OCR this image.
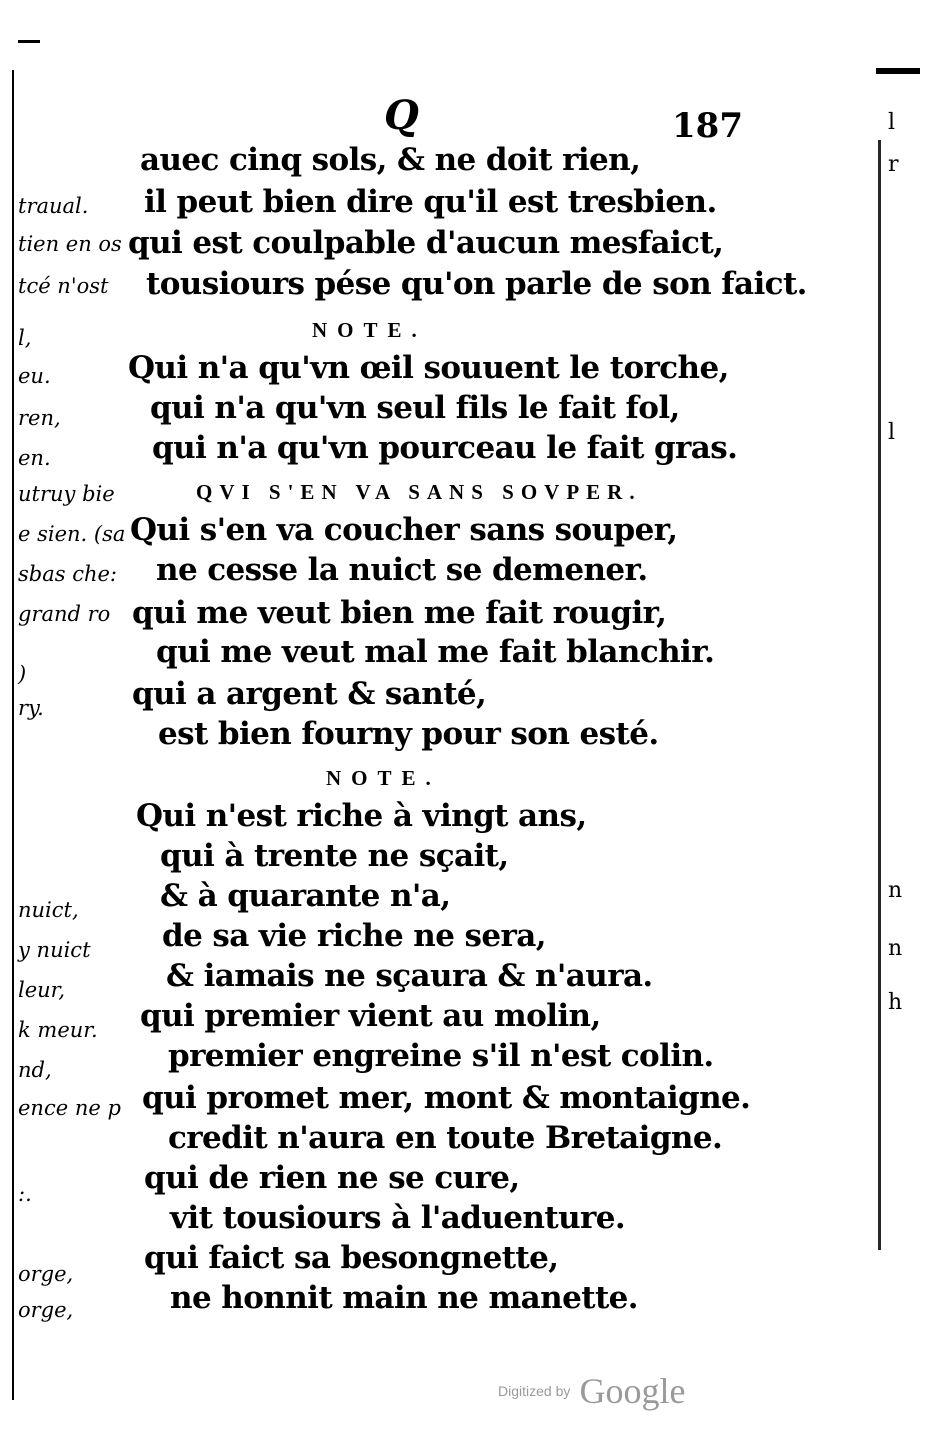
Q	187
traual.
tien en os
tcé n'ost
l,
eu.
ren,
en.
utruy bie
e sien. (sa
sbas che:
grand ro
)
ry.
nuict,
y nuict
leur,
k meur.
nd,
ence ne p
:.
orge,
orge,
l
r
l
n
n
h
auec cinq sols, & ne doit rien,
il peut bien dire qu'il est tresbien.
qui est coulpable d'aucun mesfaict,
tousiours pése qu'on parle de son faict.
NOTE.
Qui n'a qu'vn œil souuent le torche,
qui n'a qu'vn seul fils le fait fol,
qui n'a qu'vn pourceau le fait gras.
QVI S'EN VA SANS SOVPER.
Qui s'en va coucher sans souper,
ne cesse la nuict se demener.
qui me veut bien me fait rougir,
qui me veut mal me fait blanchir.
qui a argent & santé,
est bien fourny pour son esté.
NOTE.
Qui n'est riche à vingt ans,
qui à trente ne sçait,
& à quarante n'a,
de sa vie riche ne sera,
& iamais ne sçaura & n'aura.
qui premier vient au molin,
premier engreine s'il n'est colin.
qui promet mer, mont & montaigne.
credit n'aura en toute Bretaigne.
qui de rien ne se cure,
vit tousiours à l'aduenture.
qui faict sa besongnette,
ne honnit main ne manette.
Digitized by Google
